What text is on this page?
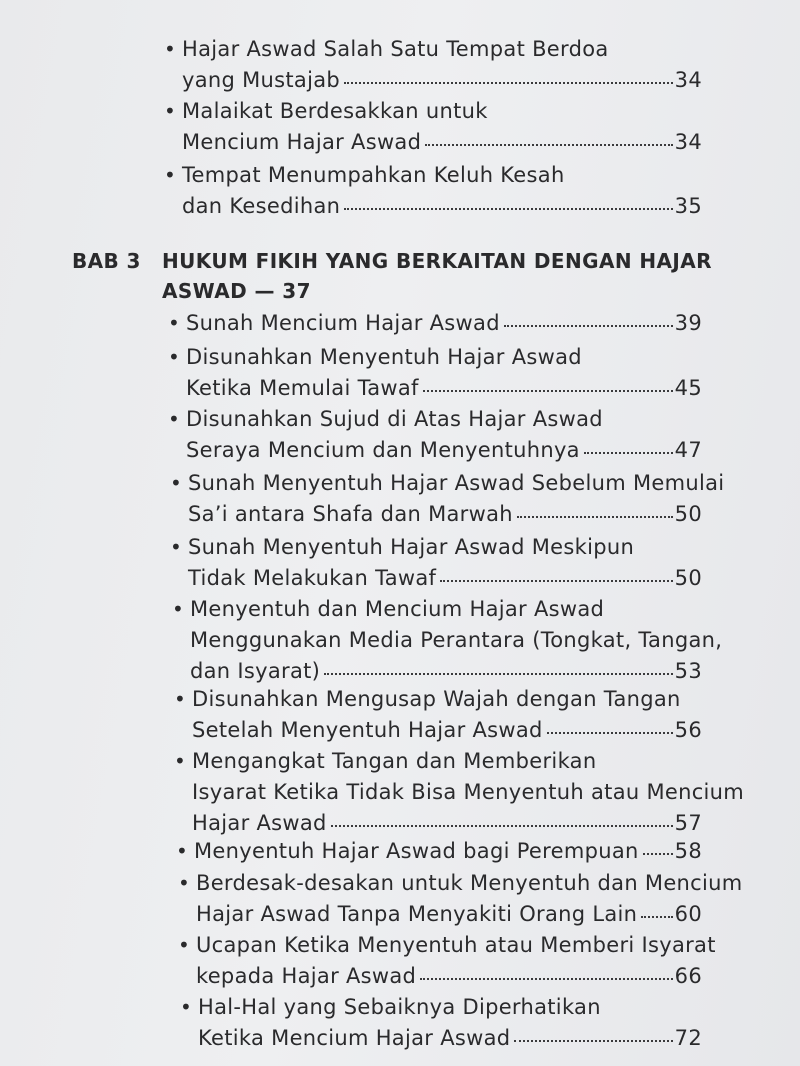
• Hajar Aswad Salah Satu Tempat Berdoa
yang Mustajab	34
• Malaikat Berdesakkan untuk
Mencium Hajar Aswad	34
• Tempat Menumpahkan Keluh Kesah
dan Kesedihan	35
BAB 3 HUKUM FIKIH YANG BERKAITAN DENGAN HAJAR
ASWAD — 37
• Sunah Mencium Hajar Aswad	39
• Disunahkan Menyentuh Hajar Aswad
Ketika Memulai Tawaf	45
• Disunahkan Sujud di Atas Hajar Aswad
Seraya Mencium dan Menyentuhnya	47
• Sunah Menyentuh Hajar Aswad Sebelum Memulai
Sa’i antara Shafa dan Marwah	50
• Sunah Menyentuh Hajar Aswad Meskipun
Tidak Melakukan Tawaf	50
• Menyentuh dan Mencium Hajar Aswad
Menggunakan Media Perantara (Tongkat, Tangan,
dan Isyarat)	53
• Disunahkan Mengusap Wajah dengan Tangan
Setelah Menyentuh Hajar Aswad	56
• Mengangkat Tangan dan Memberikan
Isyarat Ketika Tidak Bisa Menyentuh atau Mencium
Hajar Aswad	57
• Menyentuh Hajar Aswad bagi Perempuan 58
• Berdesak-desakan untuk Menyentuh dan Mencium
Hajar Aswad Tanpa Menyakiti Orang Lain 60
• Ucapan Ketika Menyentuh atau Memberi Isyarat
kepada Hajar Aswad	66
• Hal-Hal yang Sebaiknya Diperhatikan
Ketika Mencium Hajar Aswad	72
